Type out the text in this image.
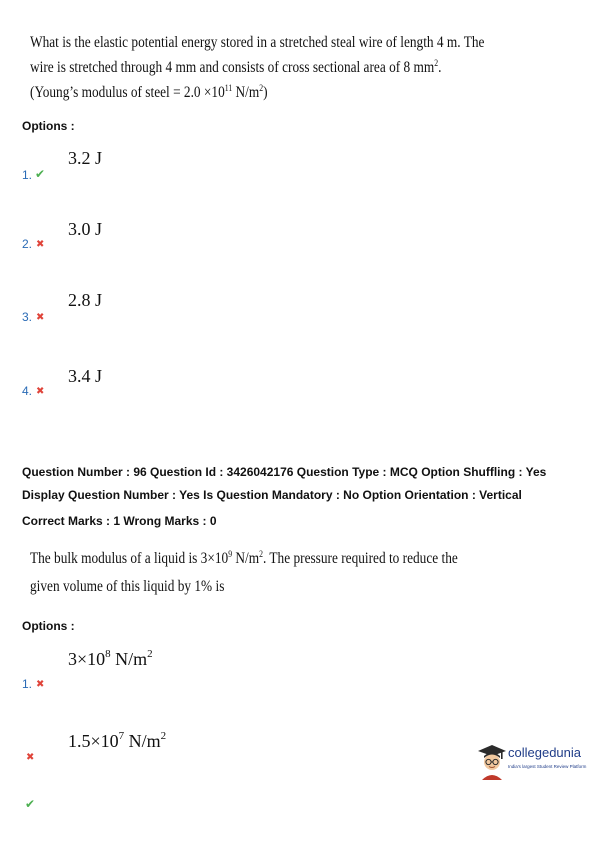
What is the elastic potential energy stored in a stretched steal wire of length 4 m. The
wire is stretched through 4 mm and consists of cross sectional area of 8 $mm^2$.
(Young’s modulus of steel = $2.0 \times 10^{11}$ $N/m^2$)
Options :
3.2 J
1. ✔
3.0 J
2. ✖
2.8 J
3. ✖
3.4 J
4. ✖
Question Number : 96 Question Id : 3426042176 Question Type : MCQ Option Shuffling : Yes
Display Question Number : Yes Is Question Mandatory : No Option Orientation : Vertical
Correct Marks : 1 Wrong Marks : 0
The bulk modulus of a liquid is $3\times 10^9$ $N/m^2$. The pressure required to reduce the
given volume of this liquid by 1% is
Options :
$3\times 10^8$ $N/m^2$
1. ✖
$1.5\times 10^7$ $N/m^2$
✖
✔
collegedunia
India's largest Student Review Platform
